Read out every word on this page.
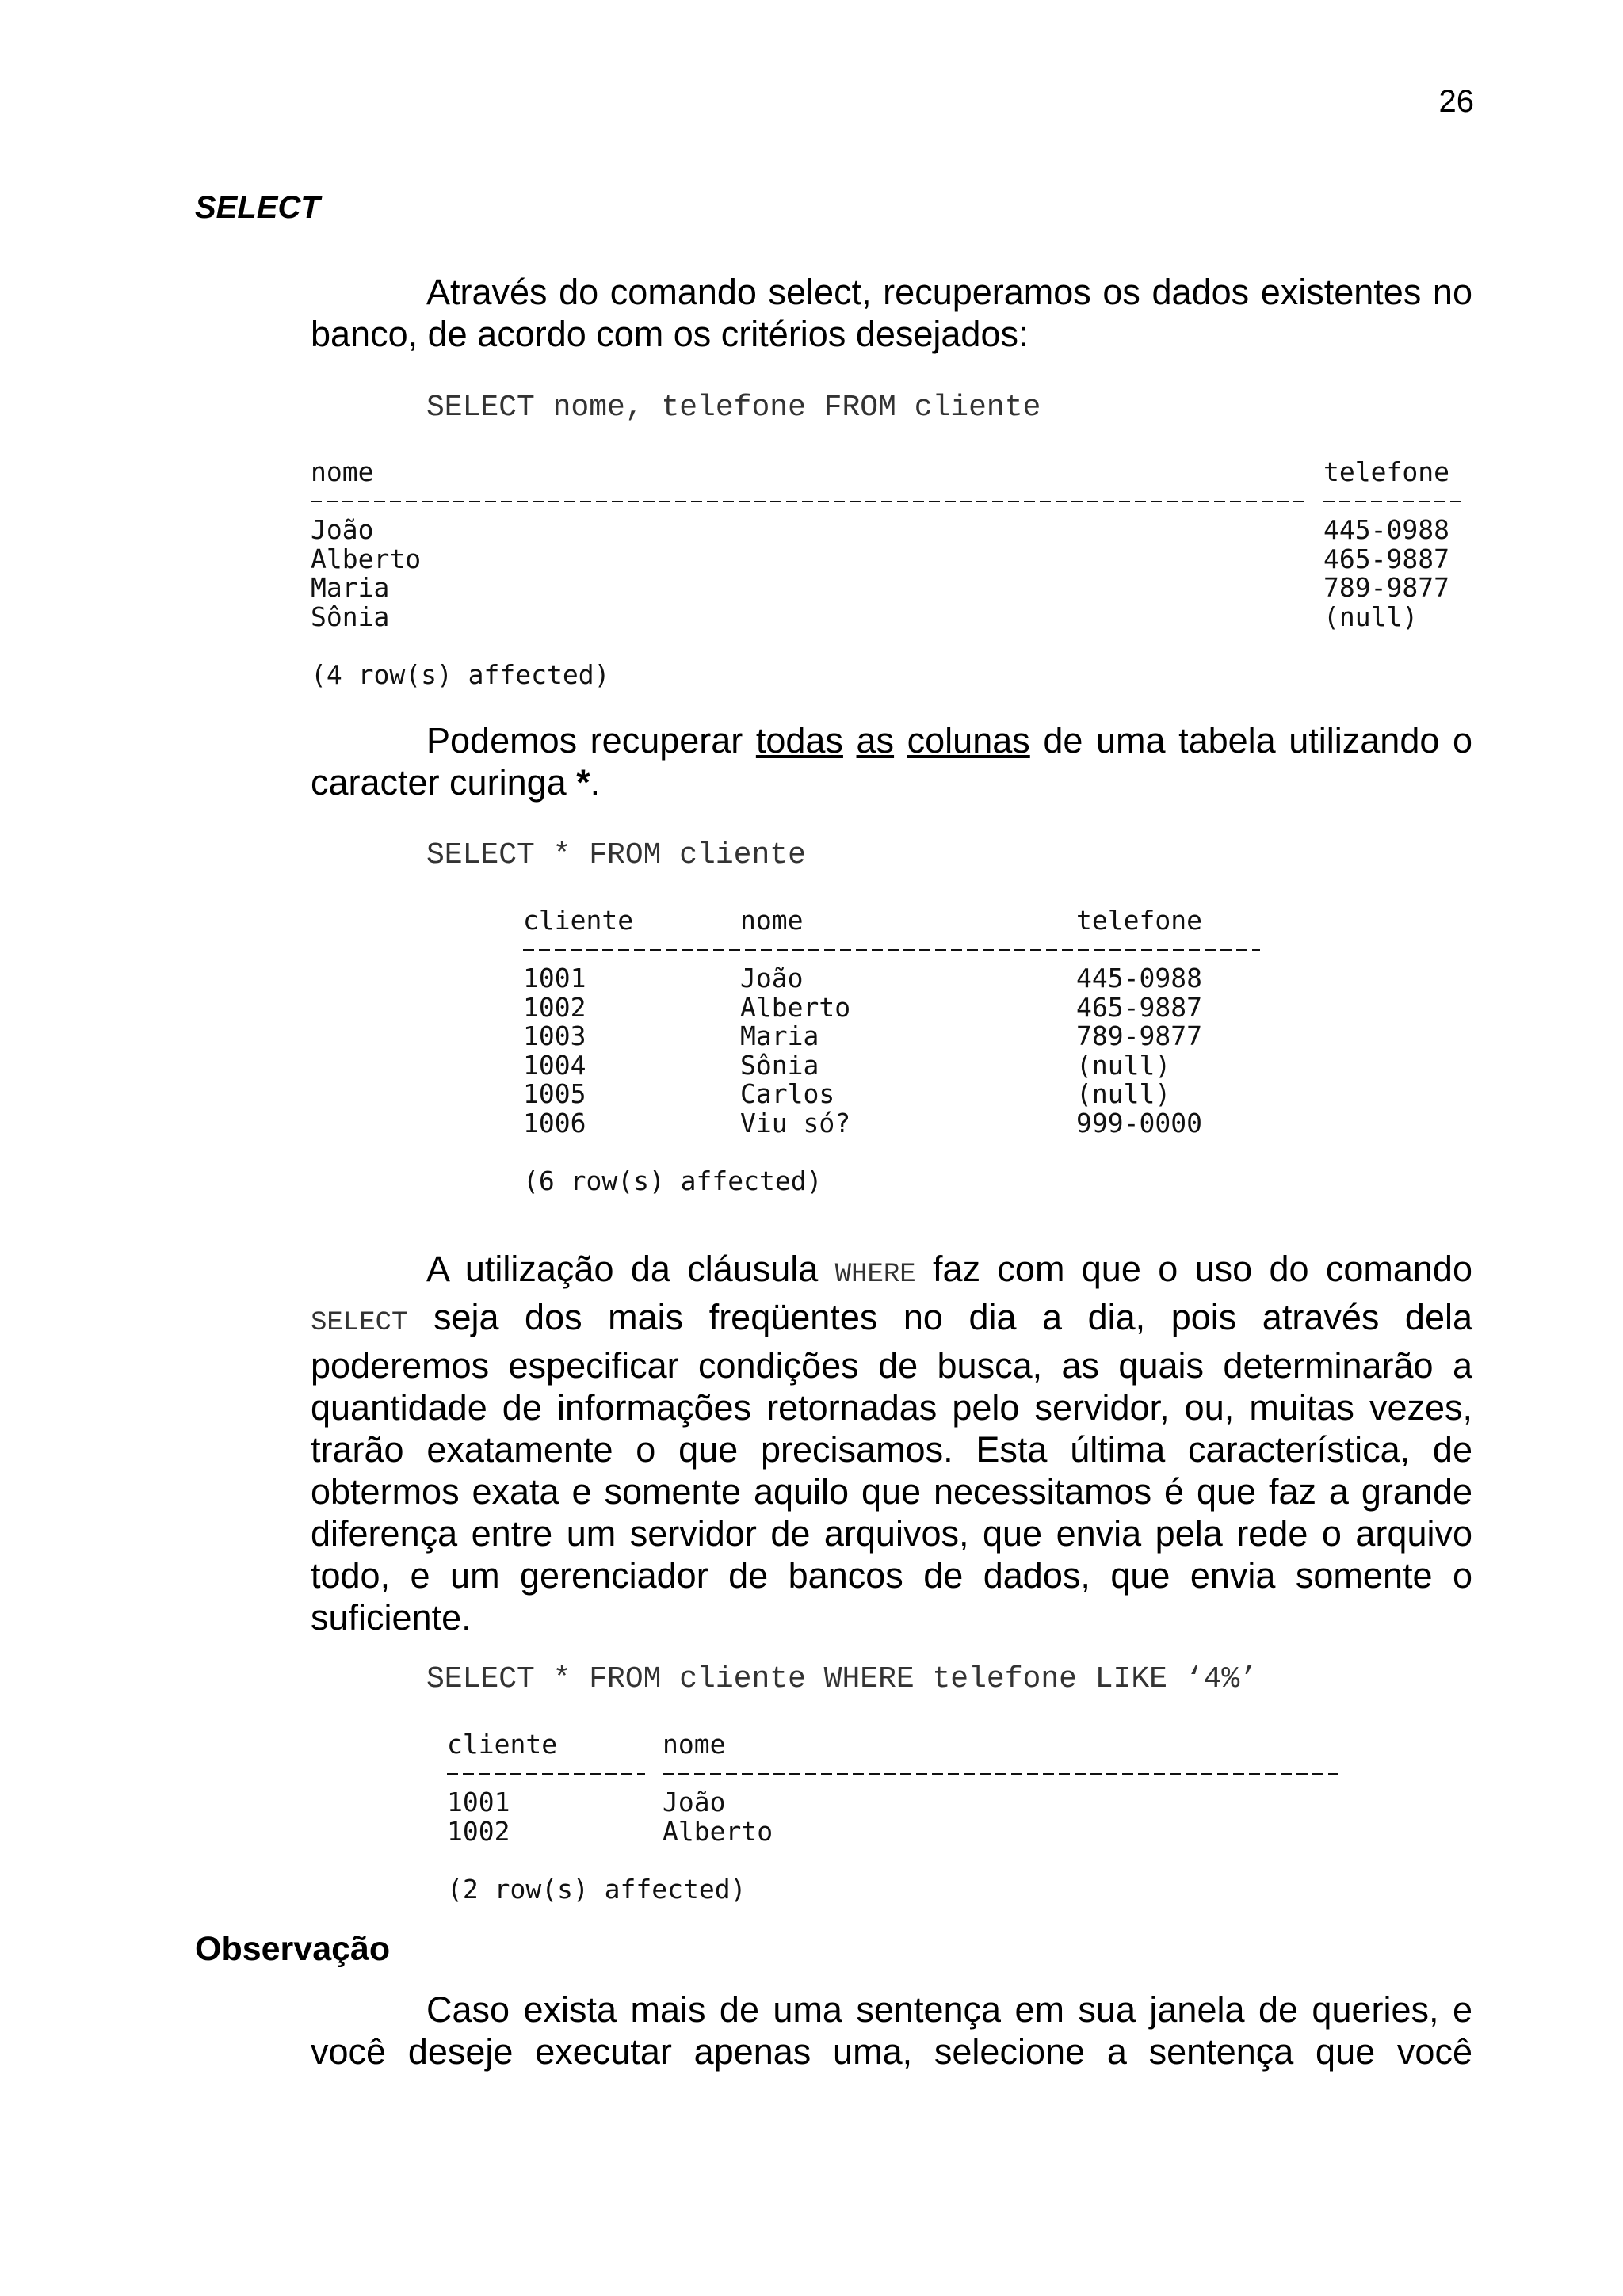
26
SELECT

Através do comando select, recuperamos os dados existentes no banco, de acordo com os critérios desejados:

SELECT nome, telefone FROM cliente
nome	telefone
João	445-0988
Alberto	465-9887
Maria	789-9877
Sônia	(null)
(4 row(s) affected)

Podemos recuperar todas as colunas de uma tabela utilizando o caracter curinga *.

SELECT * FROM cliente
cliente	nome	telefone
1001	João	445-0988
1002	Alberto	465-9887
1003	Maria	789-9877
1004	Sônia	(null)
1005	Carlos	(null)
1006	Viu só?	999-0000
(6 row(s) affected)

A utilização da cláusula WHERE faz com que o uso do comando SELECT seja dos mais freqüentes no dia a dia, pois através dela poderemos especificar condições de busca, as quais determinarão a quantidade de informações retornadas pelo servidor, ou, muitas vezes, trarão exatamente o que precisamos. Esta última característica, de obtermos exata e somente aquilo que necessitamos é que faz a grande diferença entre um servidor de arquivos, que envia pela rede o arquivo todo, e um gerenciador de bancos de dados, que envia somente o suficiente.

SELECT * FROM cliente WHERE telefone LIKE ‘4%’
cliente	nome
1001	João
1002	Alberto
(2 row(s) affected)
Observação

Caso exista mais de uma sentença em sua janela de queries, e você deseje executar apenas uma, selecione a sentença que você
